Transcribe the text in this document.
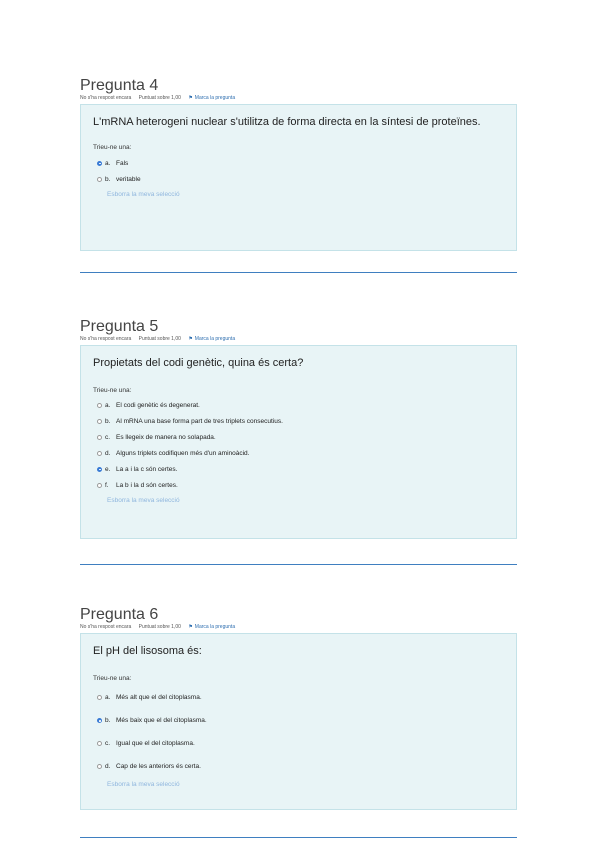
Pregunta 4
No s'ha respost encara Puntuat sobre 1,00 ⚑ Marca la pregunta

L'mRNA heterogeni nuclear s'utilitza de forma directa en la síntesi de proteïnes.

Trieu-ne una:

a. Fals
b. veritable
Esborra la meva selecció
Pregunta 5
No s'ha respost encara Puntuat sobre 1,00 ⚑ Marca la pregunta

Propietats del codi genètic, quina és certa?

Trieu-ne una:

a. El codi genètic és degenerat.
b. Al mRNA una base forma part de tres triplets consecutius.
c. Es llegeix de manera no solapada.
d. Alguns triplets codifiquen més d'un aminoàcid.
e. La a i la c són certes.
f.	La b i la d són certes.
Esborra la meva selecció
Pregunta 6
No s'ha respost encara Puntuat sobre 1,00 ⚑ Marca la pregunta

El pH del lisosoma és:

Trieu-ne una:

a. Més alt que el del citoplasma.
b. Més baix que el del citoplasma.
c. Igual que el del citoplasma.
d. Cap de les anteriors és certa.
Esborra la meva selecció
